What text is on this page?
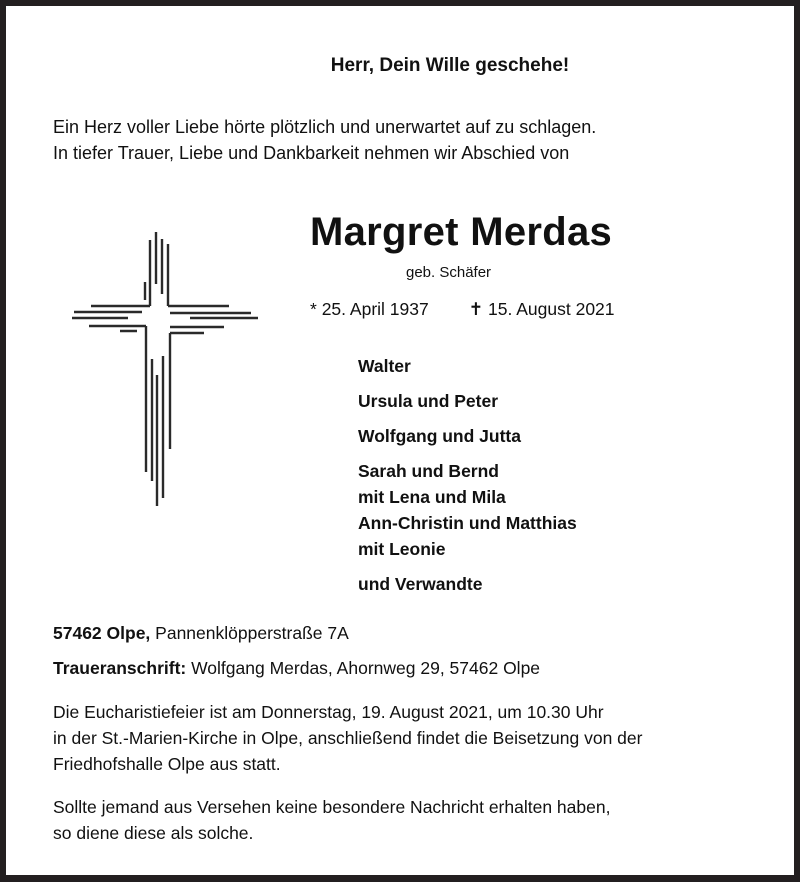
Herr, Dein Wille geschehe!
Ein Herz voller Liebe hörte plötzlich und unerwartet auf zu schlagen.
In tiefer Trauer, Liebe und Dankbarkeit nehmen wir Abschied von
Margret Merdas
geb. Schäfer
* 25. April 1937 ✝ 15. August 2021
Walter
Ursula und Peter
Wolfgang und Jutta
Sarah und Bernd
mit Lena und Mila
Ann-Christin und Matthias
mit Leonie
und Verwandte
57462 Olpe, Pannenklöpperstraße 7A
Traueranschrift: Wolfgang Merdas, Ahornweg 29, 57462 Olpe
Die Eucharistiefeier ist am Donnerstag, 19. August 2021, um 10.30 Uhr
in der St.-Marien-Kirche in Olpe, anschließend findet die Beisetzung von der
Friedhofshalle Olpe aus statt.
Sollte jemand aus Versehen keine besondere Nachricht erhalten haben,
so diene diese als solche.
